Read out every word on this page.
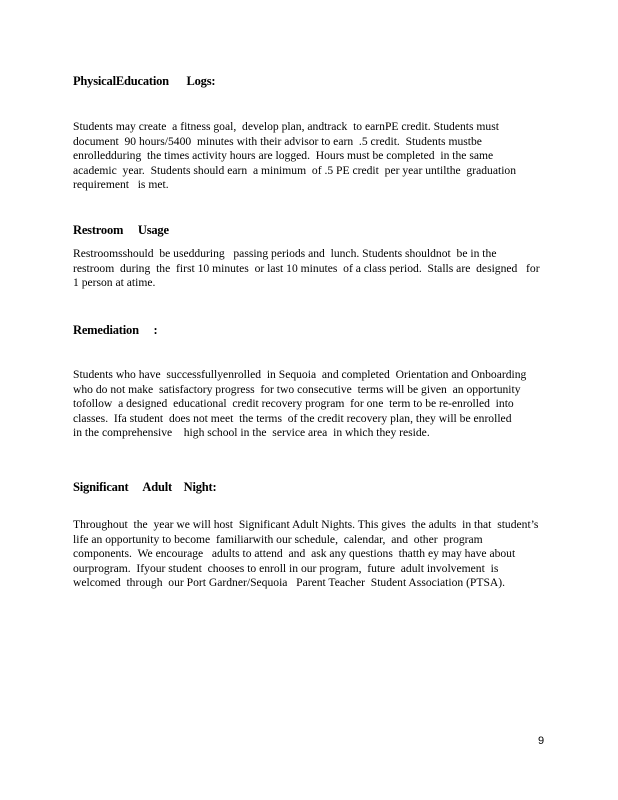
PhysicalEducation      Logs:
Students may create  a fitness goal,  develop plan, andtrack  to earnPE credit. Students must
document  90 hours/5400  minutes with their advisor to earn  .5 credit.  Students mustbe
enrolledduring  the times activity hours are logged.  Hours must be completed  in the same
academic  year.  Students should earn  a minimum  of .5 PE credit  per year untilthe  graduation
requirement   is met.
Restroom     Usage
Restroomsshould  be usedduring   passing periods and  lunch. Students shouldnot  be in the
restroom  during  the  first 10 minutes  or last 10 minutes  of a class period.  Stalls are  designed   for
1 person at atime.
Remediation     :
Students who have  successfullyenrolled  in Sequoia  and completed  Orientation and Onboarding
who do not make  satisfactory progress  for two consecutive  terms will be given  an opportunity
tofollow  a designed  educational  credit recovery program  for one  term to be re-enrolled  into
classes.  Ifa student  does not meet  the terms  of the credit recovery plan, they will be enrolled
in the comprehensive    high school in the  service area  in which they reside.
Significant     Adult    Night:
Throughout  the  year we will host  Significant Adult Nights. This gives  the adults  in that  student’s
life an opportunity to become  familiarwith our schedule,  calendar,  and  other  program
components.  We encourage   adults to attend  and  ask any questions  thatth ey may have about
ourprogram.  Ifyour student  chooses to enroll in our program,  future  adult involvement  is
welcomed  through  our Port Gardner/Sequoia   Parent Teacher  Student Association (PTSA).
9
